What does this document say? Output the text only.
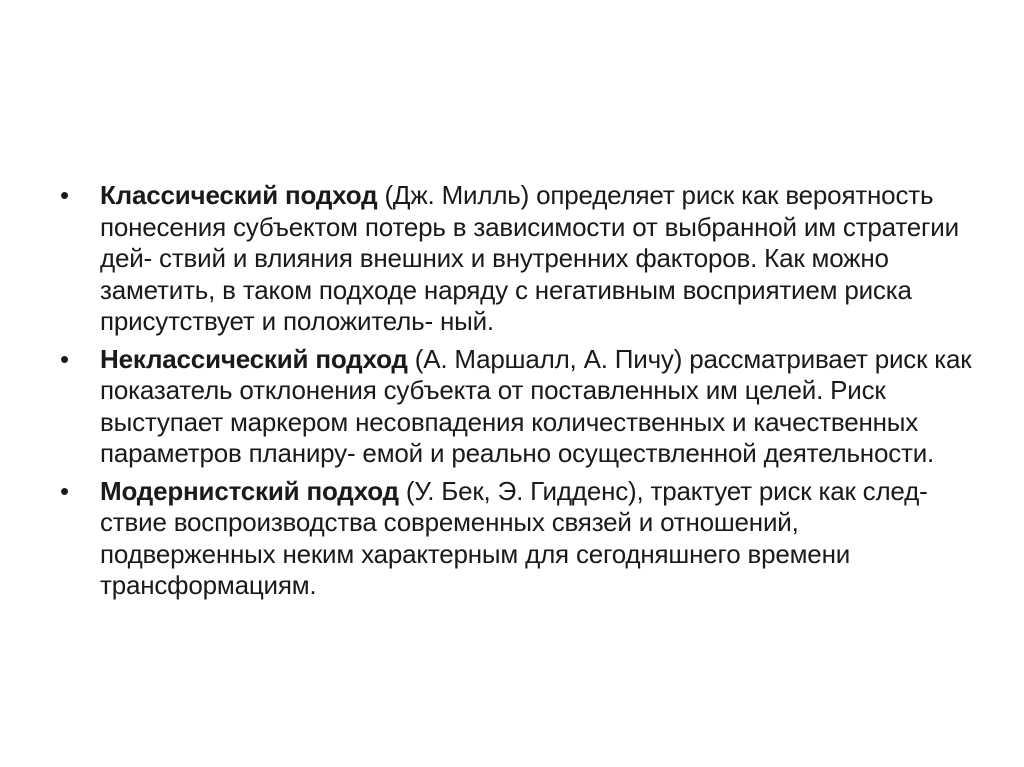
•	Классический подход (Дж. Милль) определяет риск как вероятность понесения субъектом потерь в зависимости от выбранной им стратегии дей- ствий и влияния внешних и внутренних факторов. Как можно заметить, в таком подходе наряду с негативным восприятием риска присутствует и положитель- ный.
•	Неклассический подход (А. Маршалл, А. Пичу) рассматривает риск как показатель отклонения субъекта от поставленных им целей. Риск выступает маркером несовпадения количественных и качественных параметров планиру- емой и реально осуществленной деятельности.
•	Модернистский подход (У. Бек, Э. Гидденс), трактует риск как след- ствие воспроизводства современных связей и отношений, подверженных неким характерным для сегодняшнего времени трансформациям.
